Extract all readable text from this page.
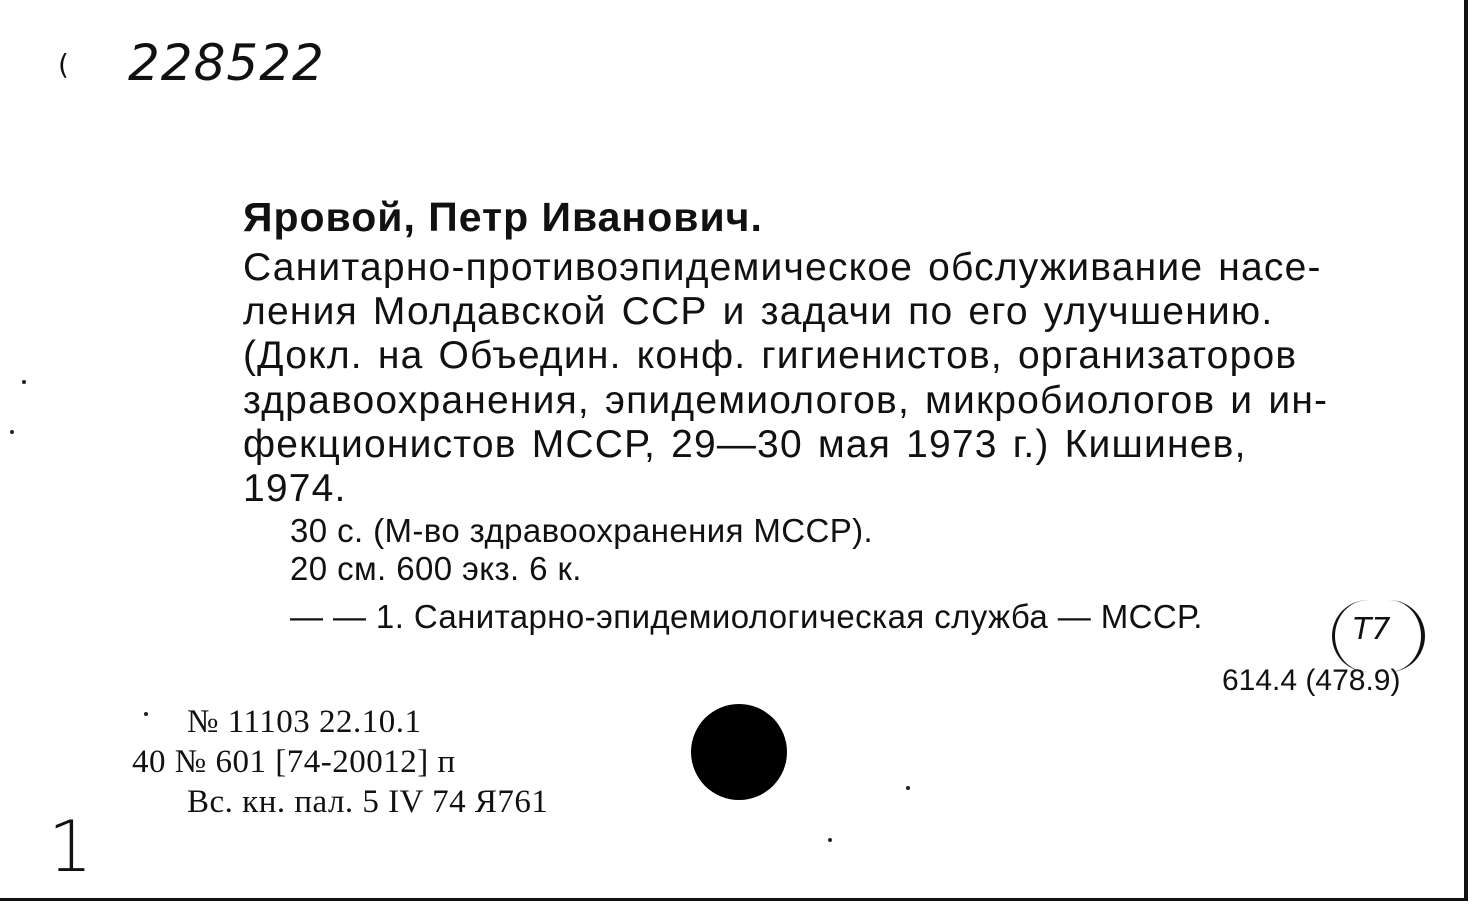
( 228522
Яровой, Петр Иванович.
Санитарно-противоэпидемическое обслуживание насе-
ления Молдавской ССР и задачи по его улучшению.
(Докл. на Объедин. конф. гигиенистов, организаторов
здравоохранения, эпидемиологов, микробиологов и ин-
фекционистов МССР, 29—30 мая 1973 г.) Кишинев,
1974.
30 с. (М-во здравоохранения МССР).
20 см. 600 экз. 6 к.
— — 1. Санитарно-эпидемиологическая служба — МССР.	Т7
614.4 (478.9)
№ 11103 22.10.1
40 № 601 [74-20012] п
Вс. кн. пал. 5 IV 74 Я761
1
